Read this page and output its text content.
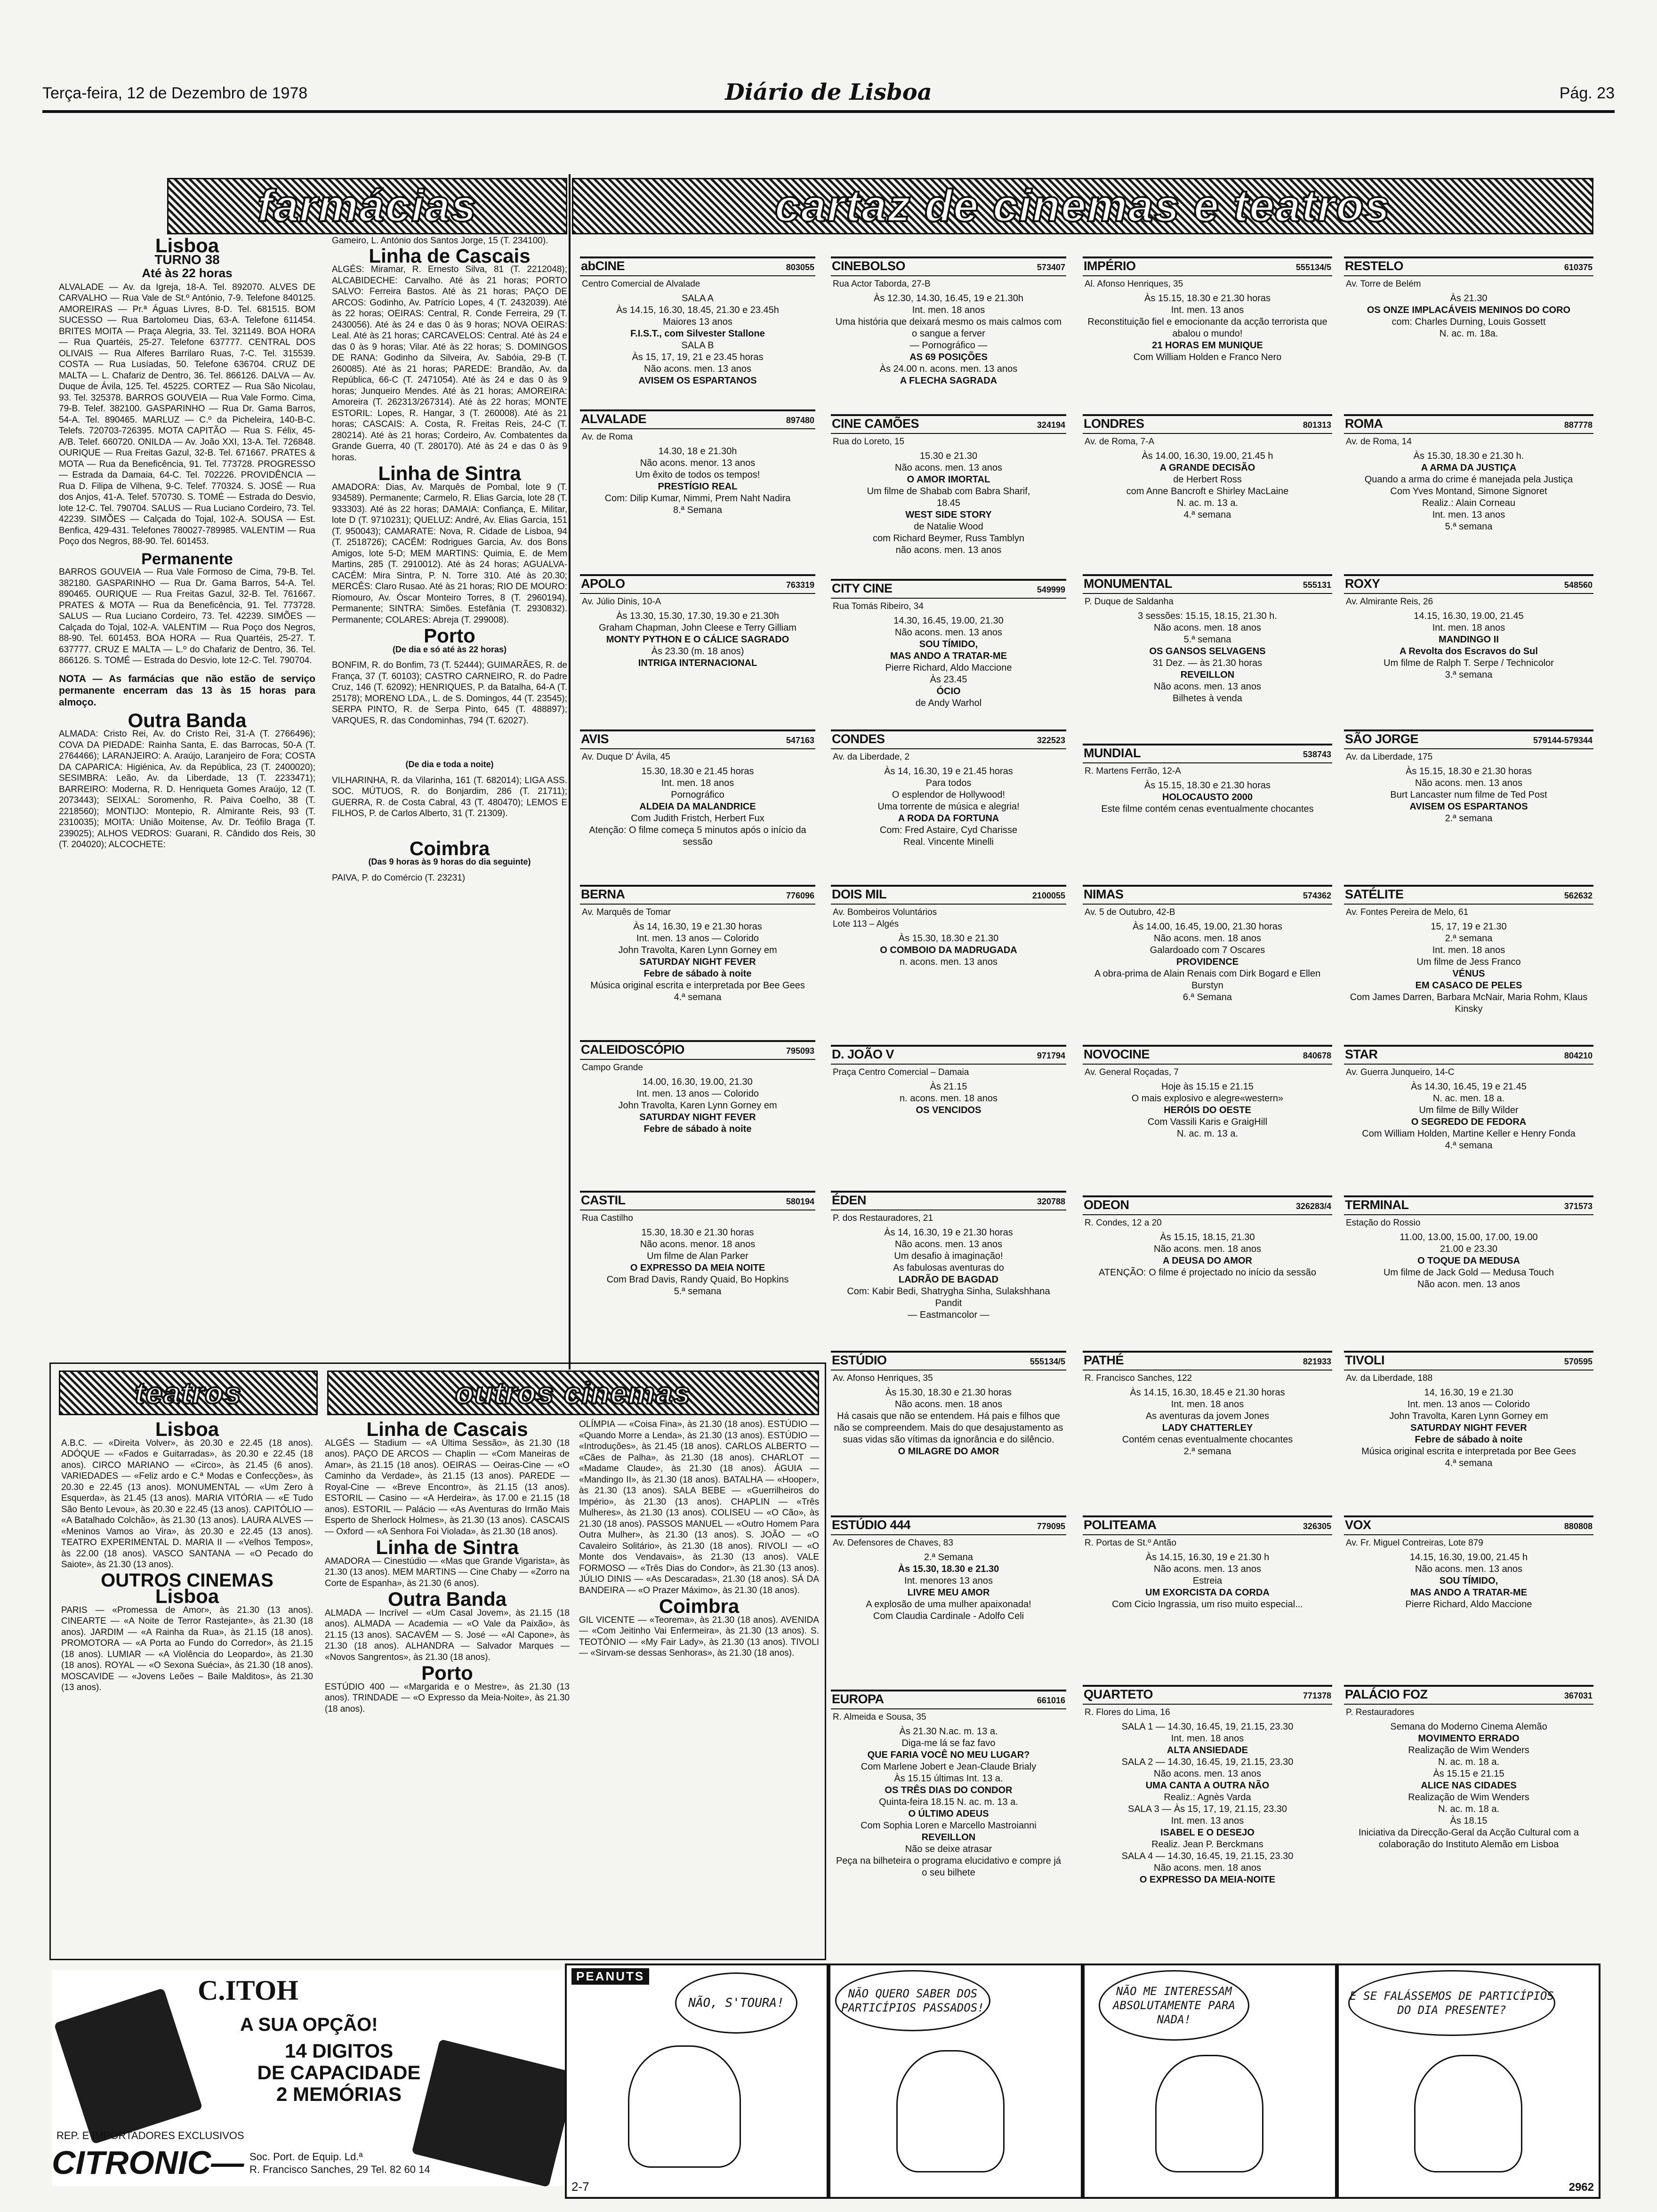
Terça-feira, 12 de Dezembro de 1978	Diário de Lisboa	Pág. 23
farmácias	cartaz de cinemas e teatros
Lisboa
TURNO 38
Até às 22 horas

ALVALADE — Av. da Igreja, 18-A. Tel. 892070. ALVES DE CARVALHO — Rua Vale de St.º António, 7-9. Telefone 840125. AMOREIRAS — Pr.ª Águas Livres, 8-D. Tel. 681515. BOM SUCESSO — Rua Bartolomeu Dias, 63-A. Telefone 611454. BRITES MOITA — Praça Alegria, 33. Tel. 321149. BOA HORA — Rua Quartéis, 25-27. Telefone 637777. CENTRAL DOS OLIVAIS — Rua Alferes Barrilaro Ruas, 7-C. Tel. 315539. COSTA — Rua Lusíadas, 50. Telefone 636704. CRUZ DE MALTA — L. Chafariz de Dentro, 36. Tel. 866126. DALVA — Av. Duque de Ávila, 125. Tel. 45225. CORTEZ — Rua São Nicolau, 93. Tel. 325378. BARROS GOUVEIA — Rua Vale Formo. Cima, 79-B. Telef. 382100. GASPARINHO — Rua Dr. Gama Barros, 54-A. Tel. 890465. MARLUZ — C.º da Picheleira, 140-B-C. Telefs. 720703-726395. MOTA CAPITÃO — Rua S. Félix, 45-A/B. Telef. 660720. ONILDA — Av. João XXI, 13-A. Tel. 726848. OURIQUE — Rua Freitas Gazul, 32-B. Tel. 671667. PRATES & MOTA — Rua da Beneficência, 91. Tel. 773728. PROGRESSO — Estrada da Damaia, 64-C. Tel. 702226. PROVIDÊNCIA — Rua D. Filipa de Vilhena, 9-C. Telef. 770324. S. JOSÉ — Rua dos Anjos, 41-A. Telef. 570730. S. TOMÉ — Estrada do Desvio, lote 12-C. Tel. 790704. SALUS — Rua Luciano Cordeiro, 73. Tel. 42239. SIMÕES — Calçada do Tojal, 102-A. SOUSA — Est. Benfica, 429-431. Telefones 780027-789985. VALENTIM — Rua Poço dos Negros, 88-90. Tel. 601453.

Permanente

BARROS GOUVEIA — Rua Vale Formoso de Cima, 79-B. Tel. 382180. GASPARINHO — Rua Dr. Gama Barros, 54-A. Tel. 890465. OURIQUE — Rua Freitas Gazul, 32-B. Tel. 761667. PRATES & MOTA — Rua da Beneficência, 91. Tel. 773728. SALUS — Rua Luciano Cordeiro, 73. Tel. 42239. SIMÕES — Calçada do Tojal, 102-A. VALENTIM — Rua Poço dos Negros, 88-90. Tel. 601453. BOA HORA — Rua Quartéis, 25-27. T. 637777. CRUZ E MALTA — L.º do Chafariz de Dentro, 36. Tel. 866126. S. TOMÉ — Estrada do Desvio, lote 12-C. Tel. 790704.

NOTA — As farmácias que não estão de serviço permanente encerram das 13 às 15 horas para almoço.

Outra Banda

ALMADA: Cristo Rei, Av. do Cristo Rei, 31-A (T. 2766496); COVA DA PIEDADE: Rainha Santa, E. das Barrocas, 50-A (T. 2764466); LARANJEIRO: A. Araújo, Laranjeiro de Fora; COSTA DA CAPARICA: Higiénica, Av. da República, 23 (T. 2400020); SESIMBRA: Leão, Av. da Liberdade, 13 (T. 2233471); BARREIRO: Moderna, R. D. Henriqueta Gomes Araújo, 12 (T. 2073443); SEIXAL: Soromenho, R. Paiva Coelho, 38 (T. 2218560); MONTIJO: Montepio, R. Almirante Reis, 93 (T. 2310035); MOITA: União Moitense, Av. Dr. Teófilo Braga (T. 239025); ALHOS VEDROS: Guarani, R. Cândido dos Reis, 30 (T. 204020); ALCOCHETE:

Gameiro, L. António dos Santos Jorge, 15 (T. 234100).

Linha de Cascais

ALGÉS: Miramar, R. Ernesto Silva, 81 (T. 2212048); ALCABIDECHE: Carvalho. Até às 21 horas; PORTO SALVO: Ferreira Bastos. Até às 21 horas; PAÇO DE ARCOS: Godinho, Av. Patrício Lopes, 4 (T. 2432039). Até às 22 horas; OEIRAS: Central, R. Conde Ferreira, 29 (T. 2430056). Até às 24 e das 0 às 9 horas; NOVA OEIRAS: Leal. Até às 21 horas; CARCAVELOS: Central. Até às 24 e das 0 às 9 horas; Vilar. Até às 22 horas; S. DOMINGOS DE RANA: Godinho da Silveira, Av. Sabóia, 29-B (T. 260085). Até às 21 horas; PAREDE: Brandão, Av. da República, 66-C (T. 2471054). Até às 24 e das 0 às 9 horas; Junqueiro Mendes. Até às 21 horas; AMOREIRA: Amoreira (T. 262313/267314). Até às 22 horas; MONTE ESTORIL: Lopes, R. Hangar, 3 (T. 260008). Até às 21 horas; CASCAIS: A. Costa, R. Freitas Reis, 24-C (T. 280214). Até às 21 horas; Cordeiro, Av. Combatentes da Grande Guerra, 40 (T. 280170). Até às 24 e das 0 às 9 horas.

Linha de Sintra

AMADORA: Dias, Av. Marquês de Pombal, lote 9 (T. 934589). Permanente; Carmelo, R. Elias Garcia, lote 28 (T. 933303). Até às 22 horas; DAMAIA: Confiança, E. Militar, lote D (T. 9710231); QUELUZ: André, Av. Elias Garcia, 151 (T. 950043); CAMARATE: Nova, R. Cidade de Lisboa, 94 (T. 2518726); CACÉM: Rodrigues Garcia, Av. dos Bons Amigos, lote 5-D; MEM MARTINS: Quimia, E. de Mem Martins, 285 (T. 2910012). Até às 24 horas; AGUALVA-CACÉM: Mira Sintra, P. N. Torre 310. Até às 20.30; MERCÊS: Claro Rusao. Até às 21 horas; RIO DE MOURO: Riomouro, Av. Óscar Monteiro Torres, 8 (T. 2960194). Permanente; SINTRA: Simões. Estefânia (T. 2930832). Permanente; COLARES: Abreja (T. 299008).

Porto
(De dia e só até às 22 horas)

BONFIM, R. do Bonfim, 73 (T. 52444); GUIMARÃES, R. de França, 37 (T. 60103); CASTRO CARNEIRO, R. do Padre Cruz, 146 (T. 62092); HENRIQUES, P. da Batalha, 64-A (T. 25178); MORENO LDA., L. de S. Domingos, 44 (T. 23545); SERPA PINTO, R. de Serpa Pinto, 645 (T. 488897); VARQUES, R. das Condominhas, 794 (T. 62027).

(De dia e toda a noite)

VILHARINHA, R. da Vilarinha, 161 (T. 682014); LIGA ASS. SOC. MÚTUOS, R. do Bonjardim, 286 (T. 21711); GUERRA, R. de Costa Cabral, 43 (T. 480470); LEMOS E FILHOS, P. de Carlos Alberto, 31 (T. 21309).

Coimbra
(Das 9 horas às 9 horas do dia seguinte)

PAIVA, P. do Comércio (T. 23231)

abCINE	803055
Centro Comercial de Alvalade
SALA A
Às 14.15, 16.30, 18.45, 21.30 e 23.45h
Maiores 13 anos
F.I.S.T., com Silvester Stallone
SALA B
Às 15, 17, 19, 21 e 23.45 horas
Não acons. men. 13 anos
AVISEM OS ESPARTANOS
ALVALADE	897480
Av. de Roma
14.30, 18 e 21.30h
Não acons. menor. 13 anos
Um êxito de todos os tempos!
PRESTÍGIO REAL
Com: Dilip Kumar, Nimmi, Prem Naht Nadira
8.ª Semana
APOLO	763319
Av. Júlio Dinis, 10-A
Às 13.30, 15.30, 17.30, 19.30 e 21.30h
Graham Chapman, John Cleese e Terry Gilliam
MONTY PYTHON E O CÁLICE SAGRADO
Às 23.30 (m. 18 anos)
INTRIGA INTERNACIONAL
AVIS	547163
Av. Duque D' Ávila, 45
15.30, 18.30 e 21.45 horas
Int. men. 18 anos
Pornográfico
ALDEIA DA MALANDRICE
Com Judith Fristch, Herbert Fux
Atenção: O filme começa 5 minutos após o início da sessão
BERNA	776096
Av. Marquês de Tomar
Às 14, 16.30, 19 e 21.30 horas
Int. men. 13 anos — Colorido
John Travolta, Karen Lynn Gorney em
SATURDAY NIGHT FEVER
Febre de sábado à noite
Música original escrita e interpretada por Bee Gees
4.ª semana
CALEIDOSCÓPIO	795093
Campo Grande
14.00, 16.30, 19.00, 21.30
Int. men. 13 anos — Colorido
John Travolta, Karen Lynn Gorney em
SATURDAY NIGHT FEVER
Febre de sábado à noite
CASTIL	580194
Rua Castilho
15.30, 18.30 e 21.30 horas
Não acons. menor. 18 anos
Um filme de Alan Parker
O EXPRESSO DA MEIA NOITE
Com Brad Davis, Randy Quaid, Bo Hopkins
5.ª semana
CINEBOLSO	573407
Rua Actor Taborda, 27-B
Às 12.30, 14.30, 16.45, 19 e 21.30h
Int. men. 18 anos
Uma história que deixará mesmo os mais calmos com o sangue a ferver
— Pornográfico —
AS 69 POSIÇÕES
Às 24.00 n. acons. men. 13 anos
A FLECHA SAGRADA
CINE CAMÕES	324194
Rua do Loreto, 15
15.30 e 21.30
Não acons. men. 13 anos
O AMOR IMORTAL
Um filme de Shabab com Babra Sharif,
18.45
WEST SIDE STORY
de Natalie Wood
com Richard Beymer, Russ Tamblyn
não acons. men. 13 anos
CITY CINE	549999
Rua Tomás Ribeiro, 34
14.30, 16.45, 19.00, 21.30
Não acons. men. 13 anos
SOU TÍMIDO,
MAS ANDO A TRATAR-ME
Pierre Richard, Aldo Maccione
Às 23.45
ÓCIO
de Andy Warhol
CONDES	322523
Av. da Liberdade, 2
Às 14, 16.30, 19 e 21.45 horas
Para todos
O esplendor de Hollywood!
Uma torrente de música e alegria!
A RODA DA FORTUNA
Com: Fred Astaire, Cyd Charisse
Real. Vincente Minelli
DOIS MIL	2100055
Av. Bombeiros Voluntários
Lote 113 – Algés
Às 15.30, 18.30 e 21.30
O COMBOIO DA MADRUGADA
n. acons. men. 13 anos
D. JOÃO V	971794
Praça Centro Comercial – Damaia
Às 21.15
n. acons. men. 18 anos
OS VENCIDOS
ÉDEN	320788
P. dos Restauradores, 21
Às 14, 16.30, 19 e 21.30 horas
Não acons. men. 13 anos
Um desafio à imaginação!
As fabulosas aventuras do
LADRÃO DE BAGDAD
Com: Kabir Bedi, Shatrygha Sinha, Sulakshhana Pandit
— Eastmancolor —
ESTÚDIO	555134/5
Av. Afonso Henriques, 35
Às 15.30, 18.30 e 21.30 horas
Não acons. men. 18 anos
Há casais que não se entendem. Há pais e filhos que não se compreendem. Mais do que desajustamento as suas vidas são vítimas da ignorância e do silêncio.
O MILAGRE DO AMOR
ESTÚDIO 444	779095
Av. Defensores de Chaves, 83
2.ª Semana
Às 15.30, 18.30 e 21.30
Int. menores 13 anos
LIVRE MEU AMOR
A explosão de uma mulher apaixonada!
Com Claudia Cardinale - Adolfo Celi
EUROPA	661016
R. Almeida e Sousa, 35
Às 21.30 N.ac. m. 13 a.
Diga-me lá se faz favo
QUE FARIA VOCÊ NO MEU LUGAR?
Com Marlene Jobert e Jean-Claude Brialy
Às 15.15 últimas Int. 13 a.
OS TRÊS DIAS DO CONDOR
Quinta-feira 18.15 N. ac. m. 13 a.
O ÚLTIMO ADEUS
Com Sophia Loren e Marcello Mastroianni
REVEILLON
Não se deixe atrasar
Peça na bilheteira o programa elucidativo e compre já o seu bilhete
IMPÉRIO	555134/5
Al. Afonso Henriques, 35
Às 15.15, 18.30 e 21.30 horas
Int. men. 13 anos
Reconstituição fiel e emocionante da acção terrorista que abalou o mundo!
21 HORAS EM MUNIQUE
Com William Holden e Franco Nero
LONDRES	801313
Av. de Roma, 7-A
Às 14.00, 16.30, 19.00, 21.45 h
A GRANDE DECISÃO
de Herbert Ross
com Anne Bancroft e Shirley MacLaine
N. ac. m. 13 a.
4.ª semana
MONUMENTAL	555131
P. Duque de Saldanha
3 sessões: 15.15, 18.15, 21.30 h.
Não acons. men. 18 anos
5.ª semana
OS GANSOS SELVAGENS
31 Dez. — às 21.30 horas
REVEILLON
Não acons. men. 13 anos
Bilhetes à venda
MUNDIAL	538743
R. Martens Ferrão, 12-A
Às 15.15, 18.30 e 21.30 horas
HOLOCAUSTO 2000
Este filme contém cenas eventualmente chocantes
NIMAS	574362
Av. 5 de Outubro, 42-B
Às 14.00, 16.45, 19.00, 21.30 horas
Não acons. men. 18 anos
Galardoado com 7 Oscares
PROVIDENCE
A obra-prima de Alain Renais com Dirk Bogard e Ellen Burstyn
6.ª Semana
NOVOCINE	840678
Av. General Roçadas, 7
Hoje às 15.15 e 21.15
O mais explosivo e alegre«western»
HERÓIS DO OESTE
Com Vassili Karis e GraigHill
N. ac. m. 13 a.
ODEON	326283/4
R. Condes, 12 a 20
Às 15.15, 18.15, 21.30
Não acons. men. 18 anos
A DEUSA DO AMOR
ATENÇÃO: O filme é projectado no início da sessão
PATHÉ	821933
R. Francisco Sanches, 122
Às 14.15, 16.30, 18.45 e 21.30 horas
Int. men. 18 anos
As aventuras da jovem Jones
LADY CHATTERLEY
Contém cenas eventualmente chocantes
2.ª semana
POLITEAMA	326305
R. Portas de St.º Antão
Às 14.15, 16.30, 19 e 21.30 h
Não acons. men. 13 anos
Estreia
UM EXORCISTA DA CORDA
Com Cicio Ingrassia, um riso muito especial...
QUARTETO	771378
R. Flores do Lima, 16
SALA 1 — 14.30, 16.45, 19, 21.15, 23.30
Int. men. 18 anos
ALTA ANSIEDADE
SALA 2 — 14.30, 16.45, 19, 21.15, 23.30
Não acons. men. 13 anos
UMA CANTA A OUTRA NÃO
Realiz.: Agnès Varda
SALA 3 — Às 15, 17, 19, 21.15, 23.30
Int. men. 13 anos
ISABEL E O DESEJO
Realiz. Jean P. Berckmans
SALA 4 — 14.30, 16.45, 19, 21.15, 23.30
Não acons. men. 18 anos
O EXPRESSO DA MEIA-NOITE
RESTELO	610375
Av. Torre de Belém
Às 21.30
OS ONZE IMPLACÁVEIS MENINOS DO CORO
com: Charles Durning, Louis Gossett
N. ac. m. 18a.
ROMA	887778
Av. de Roma, 14
Às 15.30, 18.30 e 21.30 h.
A ARMA DA JUSTIÇA
Quando a arma do crime é manejada pela Justiça
Com Yves Montand, Simone Signoret
Realiz.: Alain Corneau
Int. men. 13 anos
5.ª semana
ROXY	548560
Av. Almirante Reis, 26
14.15, 16.30, 19.00, 21.45
Int. men. 18 anos
MANDINGO II
A Revolta dos Escravos do Sul
Um filme de Ralph T. Serpe / Technicolor
3.ª semana
SÃO JORGE	579144-579344
Av. da Liberdade, 175
Às 15.15, 18.30 e 21.30 horas
Não acons. men. 13 anos
Burt Lancaster num filme de Ted Post
AVISEM OS ESPARTANOS
2.ª semana
SATÉLITE	562632
Av. Fontes Pereira de Melo, 61
15, 17, 19 e 21.30
2.ª semana
Int. men. 18 anos
Um filme de Jess Franco
VÉNUS
EM CASACO DE PELES
Com James Darren, Barbara McNair, Maria Rohm, Klaus Kinsky
STAR	804210
Av. Guerra Junqueiro, 14-C
Às 14.30, 16.45, 19 e 21.45
N. ac. men. 18 a.
Um filme de Billy Wilder
O SEGREDO DE FEDORA
Com William Holden, Martine Keller e Henry Fonda
4.ª semana
TERMINAL	371573
Estação do Rossio
11.00, 13.00, 15.00, 17.00, 19.00
21.00 e 23.30
O TOQUE DA MEDUSA
Um filme de Jack Gold — Medusa Touch
Não acon. men. 13 anos
TIVOLI	570595
Av. da Liberdade, 188
14, 16.30, 19 e 21.30
Int. men. 13 anos — Colorido
John Travolta, Karen Lynn Gorney em
SATURDAY NIGHT FEVER
Febre de sábado à noite
Música original escrita e interpretada por Bee Gees
4.ª semana
VOX	880808
Av. Fr. Miguel Contreiras, Lote 879
14.15, 16.30, 19.00, 21.45 h
Não acons. men. 13 anos
SOU TÍMIDO,
MAS ANDO A TRATAR-ME
Pierre Richard, Aldo Maccione
PALÁCIO FOZ	367031
P. Restauradores
Semana do Moderno Cinema Alemão
MOVIMENTO ERRADO
Realização de Wim Wenders
N. ac. m. 18 a.
Às 15.15 e 21.15
ALICE NAS CIDADES
Realização de Wim Wenders
N. ac. m. 18 a.
Às 18.15
Iniciativa da Direcção-Geral da Acção Cultural com a colaboração do Instituto Alemão em Lisboa
teatros	outros cinemas
Lisboa

A.B.C. — «Direita Volver», às 20.30 e 22.45 (18 anos). ADÓQUE — «Fados e Guitarradas», às 20.30 e 22.45 (18 anos). CIRCO MARIANO — «Circo», às 21.45 (6 anos). VARIEDADES — «Feliz ardo e C.ª Modas e Confecções», às 20.30 e 22.45 (13 anos). MONUMENTAL — «Um Zero à Esquerda», às 21.45 (13 anos). MARIA VITÓRIA — «E Tudo São Bento Levou», às 20.30 e 22.45 (13 anos). CAPITÓLIO — «A Batalhado Colchão», às 21.30 (13 anos). LAURA ALVES — «Meninos Vamos ao Vira», às 20.30 e 22.45 (13 anos). TEATRO EXPERIMENTAL D. MARIA II — «Velhos Tempos», às 22.00 (18 anos). VASCO SANTANA — «O Pecado do Saiote», às 21.30 (13 anos).

OUTROS CINEMAS
Lisboa

PARIS — «Promessa de Amor», às 21.30 (13 anos). CINEARTE — «A Noite de Terror Rastejante», às 21.30 (18 anos). JARDIM — «A Rainha da Rua», às 21.15 (18 anos). PROMOTORA — «A Porta ao Fundo do Corredor», às 21.15 (18 anos). LUMIAR — «A Violência do Leopardo», às 21.30 (18 anos). ROYAL — «O Sexona Suécia», às 21.30 (18 anos). MOSCAVIDE — «Jovens Leões – Baile Malditos», às 21.30 (13 anos).

Linha de Cascais

ALGÉS — Stadium — «A Última Sessão», às 21.30 (18 anos). PAÇO DE ARCOS — Chaplin — «Com Maneiras de Amar», às 21.15 (18 anos). OEIRAS — Oeiras-Cine — «O Caminho da Verdade», às 21.15 (13 anos). PAREDE — Royal-Cine — «Breve Encontro», às 21.15 (13 anos). ESTORIL — Casino — «A Herdeira», às 17.00 e 21.15 (18 anos). ESTORIL — Palácio — «As Aventuras do Irmão Mais Esperto de Sherlock Holmes», às 21.30 (13 anos). CASCAIS — Oxford — «A Senhora Foi Violada», às 21.30 (18 anos).

Linha de Sintra

AMADORA — Cinestúdio — «Mas que Grande Vigarista», às 21.30 (13 anos). MEM MARTINS — Cine Chaby — «Zorro na Corte de Espanha», às 21.30 (6 anos).

Outra Banda

ALMADA — Incrível — «Um Casal Jovem», às 21.15 (18 anos). ALMADA — Academia — «O Vale da Paixão», às 21.15 (13 anos). SACAVÉM — S. José — «Al Capone», às 21.30 (18 anos). ALHANDRA — Salvador Marques — «Novos Sangrentos», às 21.30 (18 anos).

Porto

ESTÚDIO 400 — «Margarida e o Mestre», às 21.30 (13 anos). TRINDADE — «O Expresso da Meia-Noite», às 21.30 (18 anos).

OLÍMPIA — «Coisa Fina», às 21.30 (18 anos). ESTÚDIO — «Quando Morre a Lenda», às 21.30 (13 anos). ESTÚDIO — «Introduções», às 21.45 (18 anos). CARLOS ALBERTO — «Cães de Palha», às 21.30 (18 anos). CHARLOT — «Madame Claude», às 21.30 (18 anos). ÁGUIA — «Mandingo II», às 21.30 (18 anos). BATALHA — «Hooper», às 21.30 (13 anos). SALA BEBE — «Guerrilheiros do Império», às 21.30 (13 anos). CHAPLIN — «Três Mulheres», às 21.30 (13 anos). COLISEU — «O Cão», às 21.30 (18 anos). PASSOS MANUEL — «Outro Homem Para Outra Mulher», às 21.30 (13 anos). S. JOÃO — «O Cavaleiro Solitário», às 21.30 (18 anos). RIVOLI — «O Monte dos Vendavais», às 21.30 (13 anos). VALE FORMOSO — «Três Dias do Condor», às 21.30 (13 anos). JÚLIO DINIS — «As Descaradas», 21.30 (18 anos). SÁ DA BANDEIRA — «O Prazer Máximo», às 21.30 (18 anos).

Coimbra

GIL VICENTE — «Teorema», às 21.30 (18 anos). AVENIDA — «Com Jeitinho Vai Enfermeira», às 21.30 (13 anos). S. TEOTÓNIO — «My Fair Lady», às 21.30 (13 anos). TIVOLI — «Sirvam-se dessas Senhoras», às 21.30 (18 anos).

C.ITOH
A SUA OPÇÃO!
14 DIGITOS
DE CAPACIDADE
2 MEMÓRIAS
REP. E IMPORTADORES EXCLUSIVOS
CITRONIC— Soc. Port. de Equip. Ld.ª
R. Francisco Sanches, 29 Tel. 82 60 14
PEANUTS
NÃO, S'TOURA!
2-7
NÃO QUERO SABER DOS PARTICÍPIOS PASSADOS!
NÃO ME INTERESSAM ABSOLUTAMENTE PARA NADA!
E SE FALÁSSEMOS DE PARTICÍPIOS DO DIA PRESENTE?
2962
